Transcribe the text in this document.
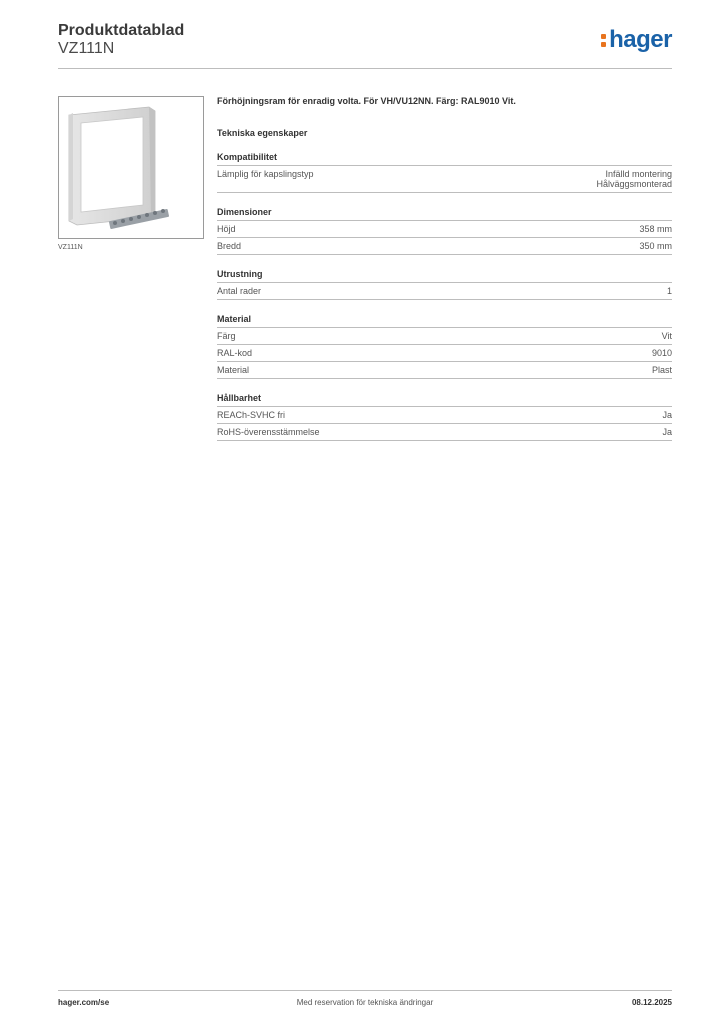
Produktdatablad
VZ111N	hager
VZ111N
Förhöjningsram för enradig volta. För VH/VU12NN. Färg: RAL9010 Vit.
Tekniska egenskaper
Kompatibilitet
Lämplig för kapslingstyp	Infälld montering
Hålväggsmonterad
Dimensioner
Höjd	358 mm
Bredd	350 mm
Utrustning
Antal rader	1
Material
Färg	Vit
RAL-kod	9010
Material	Plast
Hållbarhet
REACh-SVHC fri	Ja
RoHS-överensstämmelse	Ja
hager.com/se	Med reservation för tekniska ändringar	08.12.2025
